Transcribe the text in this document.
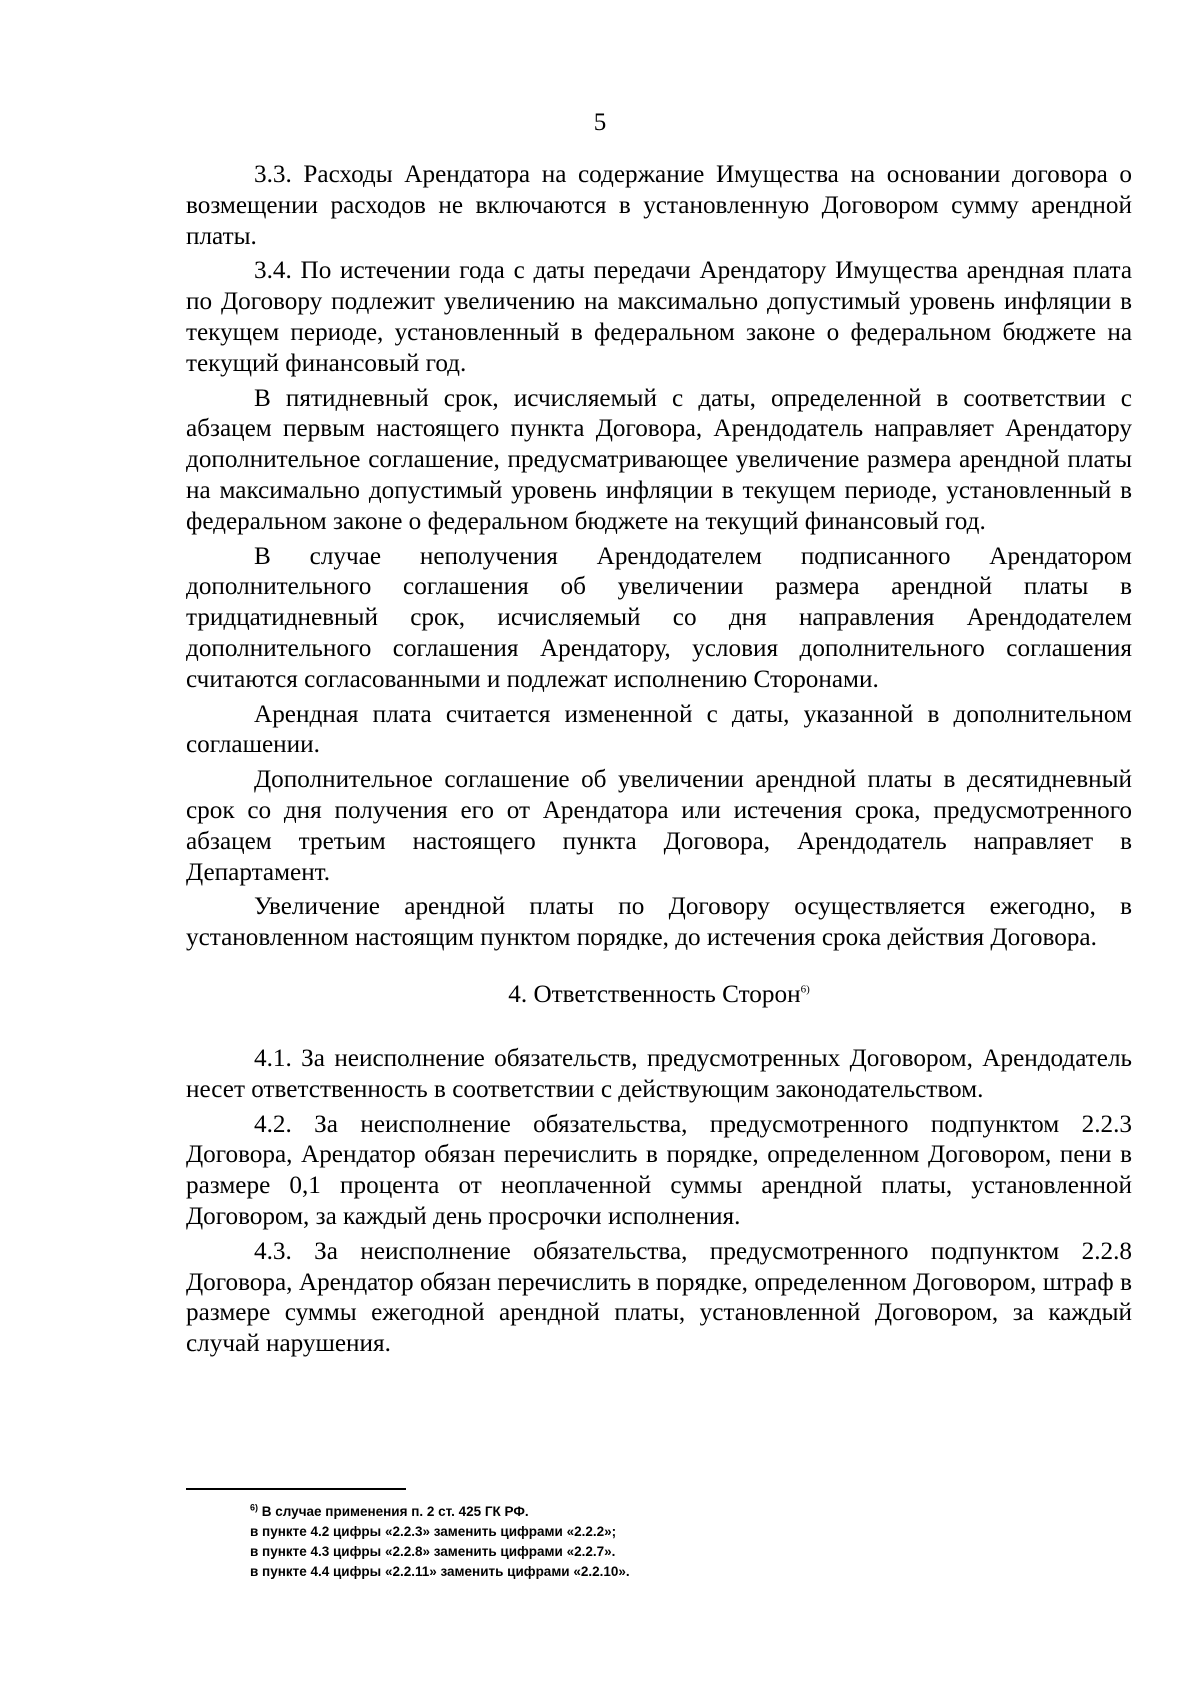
5

3.3. Расходы Арендатора на содержание Имущества на основании договора о возмещении расходов не включаются в установленную Договором сумму арендной платы.

3.4. По истечении года с даты передачи Арендатору Имущества арендная плата по Договору подлежит увеличению на максимально допустимый уровень инфляции в текущем периоде, установленный в федеральном законе о федеральном бюджете на текущий финансовый год.

В пятидневный срок, исчисляемый с даты, определенной в соответствии с абзацем первым настоящего пункта Договора, Арендодатель направляет Арендатору дополнительное соглашение, предусматривающее увеличение размера арендной платы на максимально допустимый уровень инфляции в текущем периоде, установленный в федеральном законе о федеральном бюджете на текущий финансовый год.

В случае неполучения Арендодателем подписанного Арендатором дополнительного соглашения об увеличении размера арендной платы в тридцатидневный срок, исчисляемый со дня направления Арендодателем дополнительного соглашения Арендатору, условия дополнительного соглашения считаются согласованными и подлежат исполнению Сторонами.

Арендная плата считается измененной с даты, указанной в дополнительном соглашении.

Дополнительное соглашение об увеличении арендной платы в десятидневный срок со дня получения его от Арендатора или истечения срока, предусмотренного абзацем третьим настоящего пункта Договора, Арендодатель направляет в Департамент.

Увеличение арендной платы по Договору осуществляется ежегодно, в установленном настоящим пунктом порядке, до истечения срока действия Договора.

4. Ответственность Сторон$^{6)}$

4.1. За неисполнение обязательств, предусмотренных Договором, Арендодатель несет ответственность в соответствии с действующим законодательством.

4.2. За неисполнение обязательства, предусмотренного подпунктом 2.2.3 Договора, Арендатор обязан перечислить в порядке, определенном Договором, пени в размере 0,1 процента от неоплаченной суммы арендной платы, установленной Договором, за каждый день просрочки исполнения.

4.3. За неисполнение обязательства, предусмотренного подпунктом 2.2.8 Договора, Арендатор обязан перечислить в порядке, определенном Договором, штраф в размере суммы ежегодной арендной платы, установленной Договором, за каждый случай нарушения.

$^{6)}$ В случае применения п. 2 ст. 425 ГК РФ.
в пункте 4.2 цифры «2.2.3» заменить цифрами «2.2.2»;
в пункте 4.3 цифры «2.2.8» заменить цифрами «2.2.7».
в пункте 4.4 цифры «2.2.11» заменить цифрами «2.2.10».
